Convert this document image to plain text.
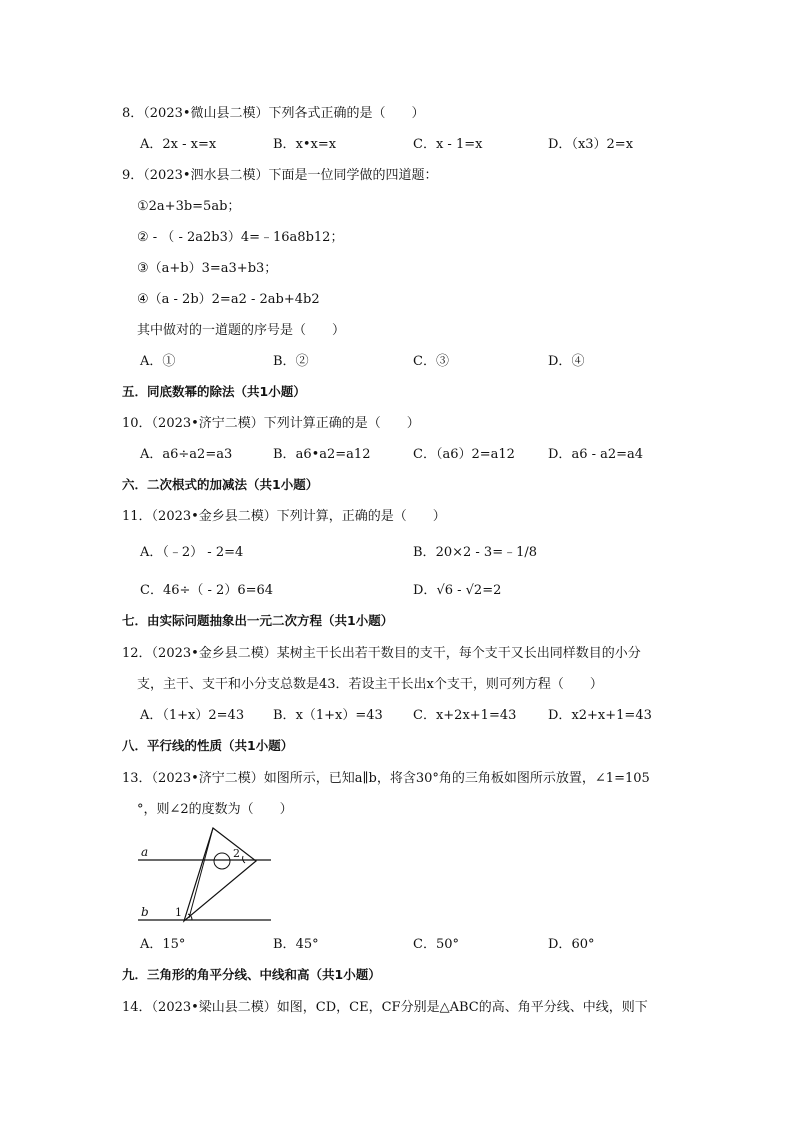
8．（2023•微山县二模）下列各式正确的是（　　）
A．2x - x=x	B．x•x=x	C．x - 1=x	D．（x3）2=x
9．（2023•泗水县二模）下面是一位同学做的四道题：
①2a+3b=5ab；
② - （ - 2a2b3）4=﹣16a8b12；
③（a+b）3=a3+b3；
④（a - 2b）2=a2 - 2ab+4b2
其中做对的一道题的序号是（　　）
A．①	B．②	C．③	D．④
五．同底数幂的除法（共1小题）
10．（2023•济宁二模）下列计算正确的是（　　）
A．a6÷a2=a3	B．a6•a2=a12	C．（a6）2=a12	D．a6 - a2=a4
六．二次根式的加减法（共1小题）
11．（2023•金乡县二模）下列计算，正确的是（　　）
A．（﹣2） - 2=4	B．20×2 - 3=﹣1/8
C．46÷（ - 2）6=64	D．√6 - √2=2
七．由实际问题抽象出一元二次方程（共1小题）
12．（2023•金乡县二模）某树主干长出若干数目的支干，每个支干又长出同样数目的小分
支，主干、支干和小分支总数是43．若设主干长出x个支干，则可列方程（　　）
A．（1+x）2=43 B．x（1+x）=43 C．x+2x+1=43 D．x2+x+1=43
八．平行线的性质（共1小题）
13．（2023•济宁二模）如图所示，已知a∥b，将含30°角的三角板如图所示放置，∠1=105
°，则∠2的度数为（　　）
a
b 1
2
A．15°	B．45°	C．50°	D．60°
九．三角形的角平分线、中线和高（共1小题）
14．（2023•梁山县二模）如图，CD，CE，CF分别是△ABC的高、角平分线、中线，则下
